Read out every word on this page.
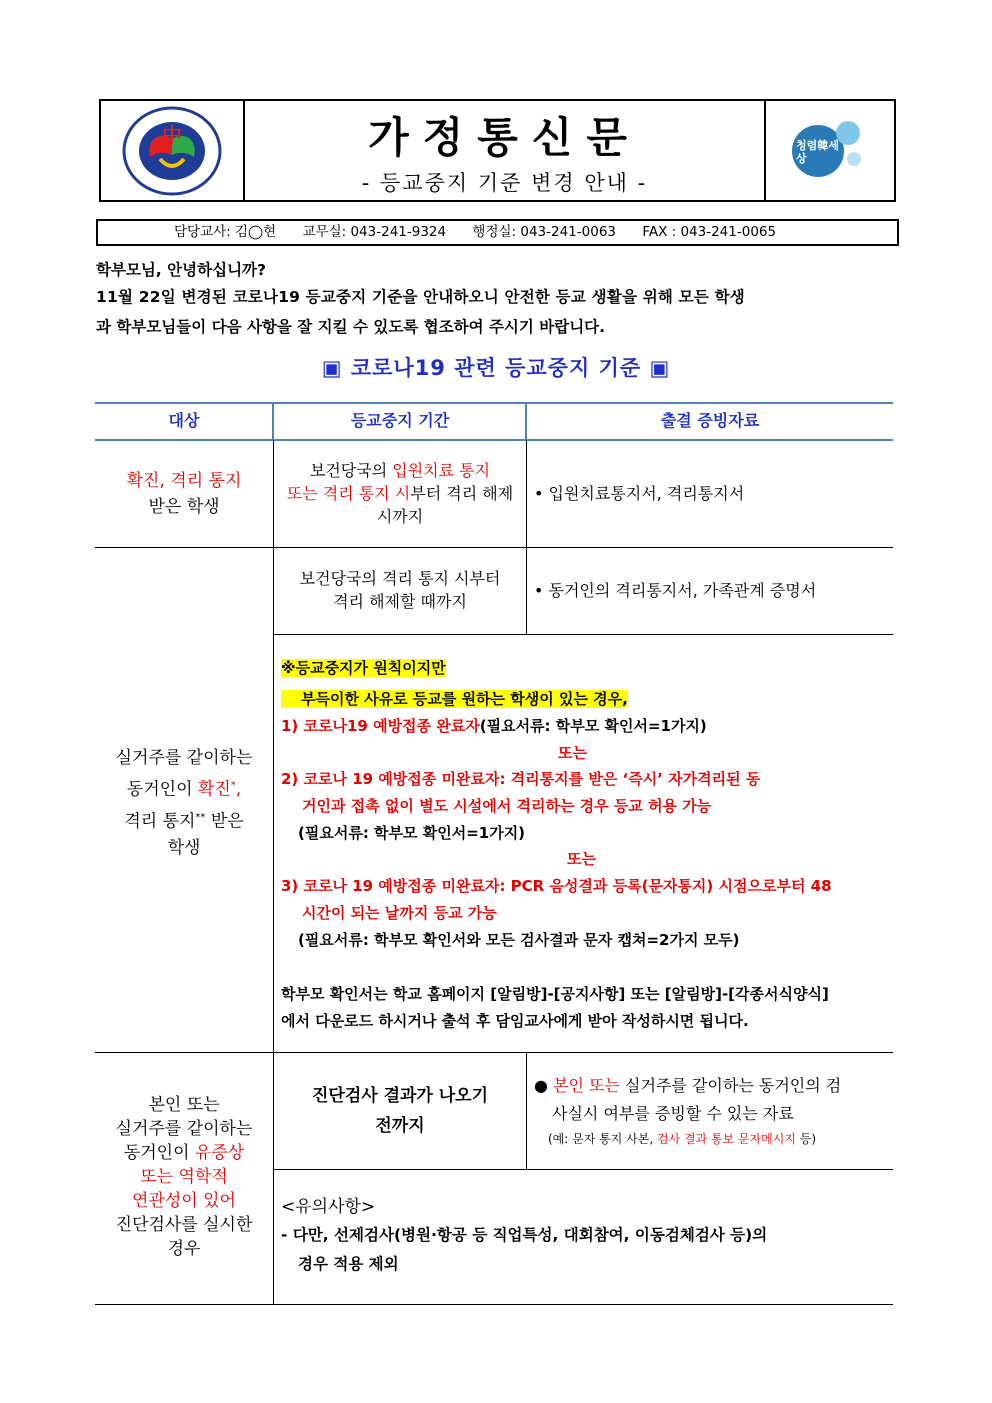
中
양청중학교
가정통신문
- 등교중지 기준 변경 안내 -
청렴韓세상
담당교사: 김◯현 교무실: 043-241-9324 행정실: 043-241-0063 FAX : 043-241-0065
학부모님, 안녕하십니까?
11월 22일 변경된 코로나19 등교중지 기준을 안내하오니 안전한 등교 생활을 위해 모든 학생
과 학부모님들이 다음 사항을 잘 지킬 수 있도록 협조하여 주시기 바랍니다.
▣ 코로나19 관련 등교중지 기준 ▣
대상	등교중지 기간	출결 증빙자료
확진, 격리 통지
받은 학생
보건당국의 입원치료 통지
또는 격리 통지 시부터 격리 해제
시까지
• 입원치료통지서, 격리통지서
실거주를 같이하는
동거인이 확진*,
격리 통지** 받은
학생
보건당국의 격리 통지 시부터
격리 해제할 때까지
• 동거인의 격리통지서, 가족관계 증명서
※등교중지가 원칙이지만
부득이한 사유로 등교를 원하는 학생이 있는 경우,
1) 코로나19 예방접종 완료자(필요서류: 학부모 확인서=1가지)
또는
2) 코로나 19 예방접종 미완료자: 격리통지를 받은 ‘즉시’ 자가격리된 동
거인과 접촉 없이 별도 시설에서 격리하는 경우 등교 허용 가능
(필요서류: 학부모 확인서=1가지)
또는
3) 코로나 19 예방접종 미완료자: PCR 음성결과 등록(문자통지) 시점으로부터 48
시간이 되는 날까지 등교 가능
(필요서류: 학부모 확인서와 모든 검사결과 문자 캡쳐=2가지 모두)
학부모 확인서는 학교 홈페이지 [알림방]-[공지사항] 또는 [알림방]-[각종서식양식]
에서 다운로드 하시거나 출석 후 담임교사에게 받아 작성하시면 됩니다.
본인 또는
실거주를 같이하는
동거인이 유증상
또는 역학적
연관성이 있어
진단검사를 실시한
경우
진단검사 결과가 나오기
전까지
● 본인 또는 실거주를 같이하는 동거인의 검
사실시 여부를 증빙할 수 있는 자료
(예: 문자 통지 사본, 검사 결과 통보 문자메시지 등)
<유의사항>
- 다만, 선제검사(병원·항공 등 직업특성, 대회참여, 이동검체검사 등)의
경우 적용 제외
